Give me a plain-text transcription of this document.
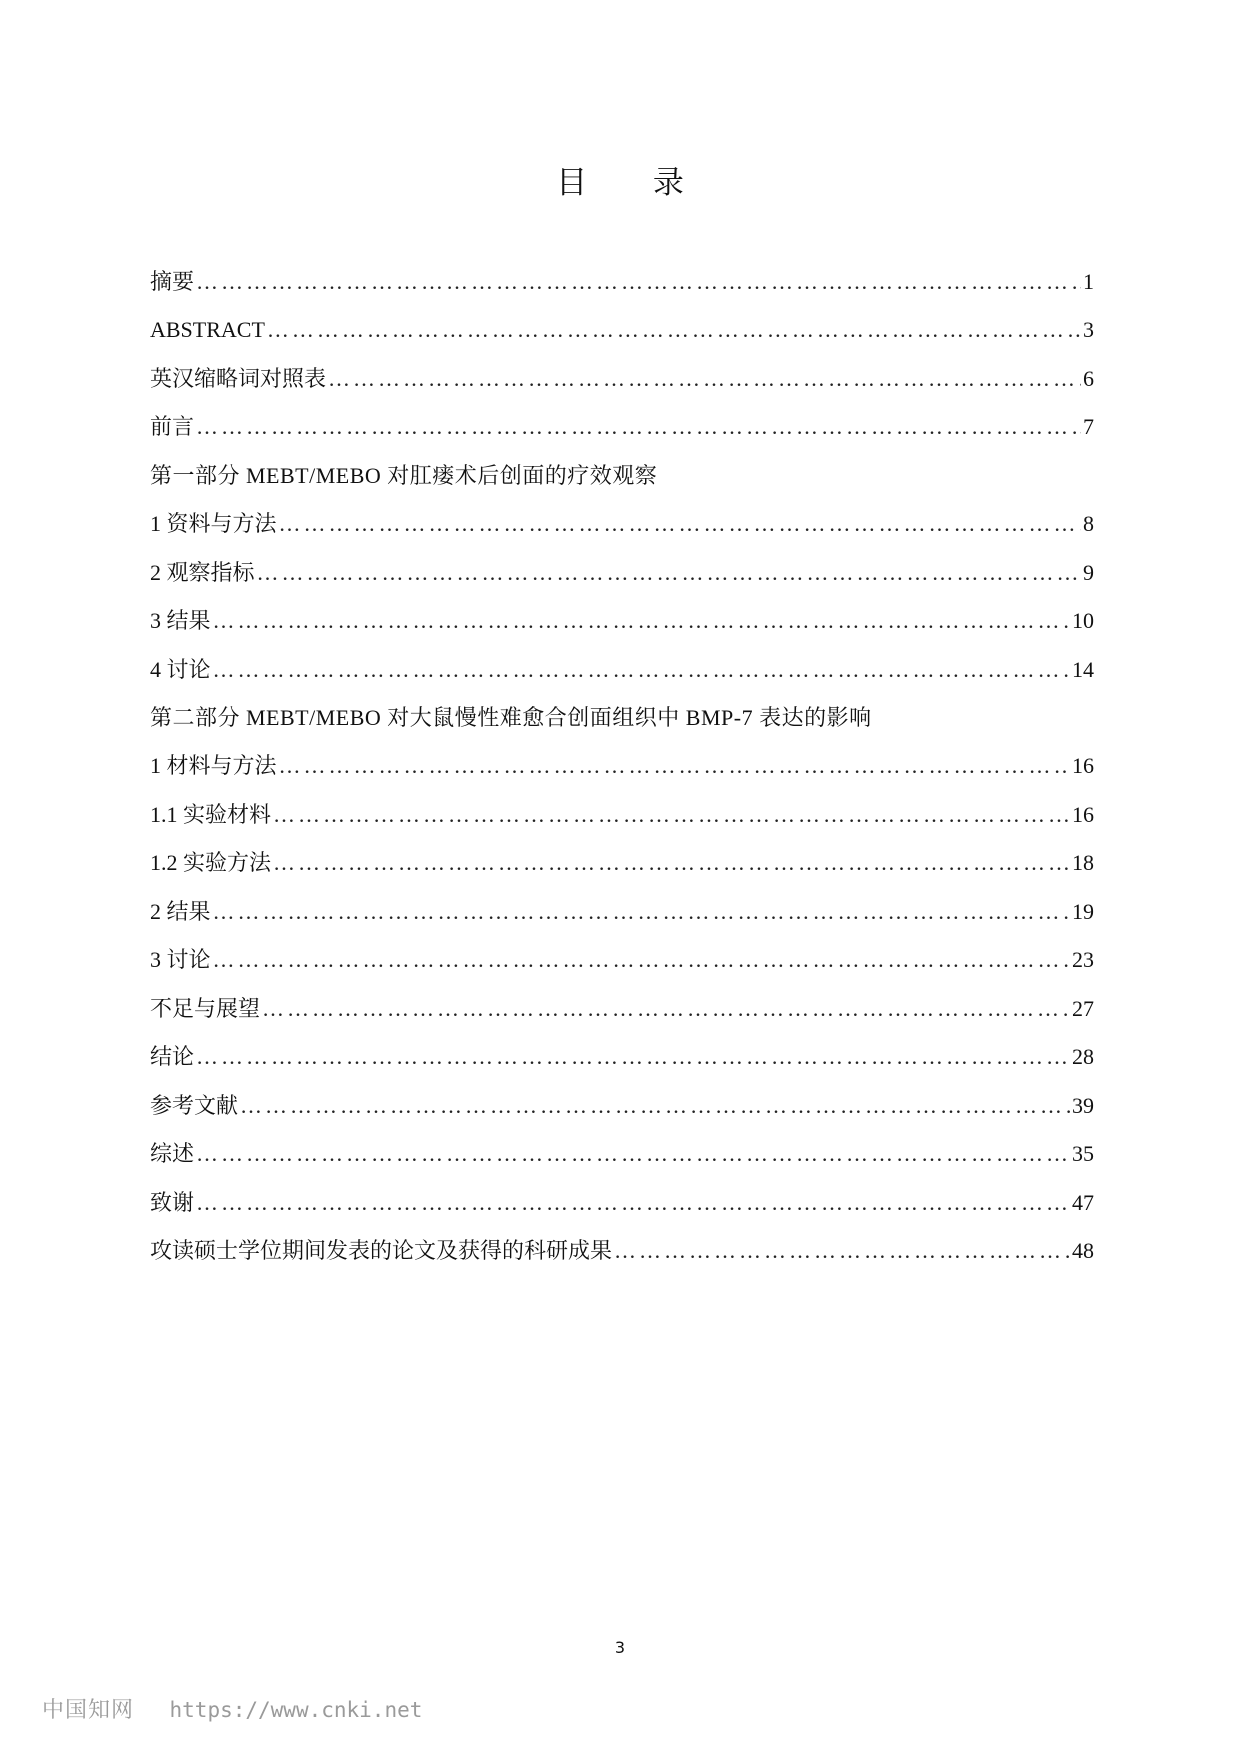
目 录
摘要 ……………………………………………………………………………………………………………………………………………………………………	1
ABSTRACT ……………………………………………………………………………………………………………………………………………………………………	3
英汉缩略词对照表 ……………………………………………………………………………………………………………………………………………………………………	6
前言 ……………………………………………………………………………………………………………………………………………………………………	7
第一部分 MEBT/MEBO 对肛瘘术后创面的疗效观察
1 资料与方法 ……………………………………………………………………………………………………………………………………………………………………	8
2 观察指标 ……………………………………………………………………………………………………………………………………………………………………	9
3 结果 ……………………………………………………………………………………………………………………………………………………………………	10
4 讨论 ……………………………………………………………………………………………………………………………………………………………………	14
第二部分 MEBT/MEBO 对大鼠慢性难愈合创面组织中 BMP-7 表达的影响
1 材料与方法 ……………………………………………………………………………………………………………………………………………………………………	16
1.1 实验材料 ……………………………………………………………………………………………………………………………………………………………………	16
1.2 实验方法 ……………………………………………………………………………………………………………………………………………………………………	18
2 结果 ……………………………………………………………………………………………………………………………………………………………………	19
3 讨论 ……………………………………………………………………………………………………………………………………………………………………	23
不足与展望 ……………………………………………………………………………………………………………………………………………………………………	27
结论 ……………………………………………………………………………………………………………………………………………………………………	28
参考文献 ……………………………………………………………………………………………………………………………………………………………………	39
综述 ……………………………………………………………………………………………………………………………………………………………………	35
致谢 ……………………………………………………………………………………………………………………………………………………………………	47
攻读硕士学位期间发表的论文及获得的科研成果 ……………………………………………………………………………………………………………………………………………………………………	48
3
中国知网 https://www.cnki.net
